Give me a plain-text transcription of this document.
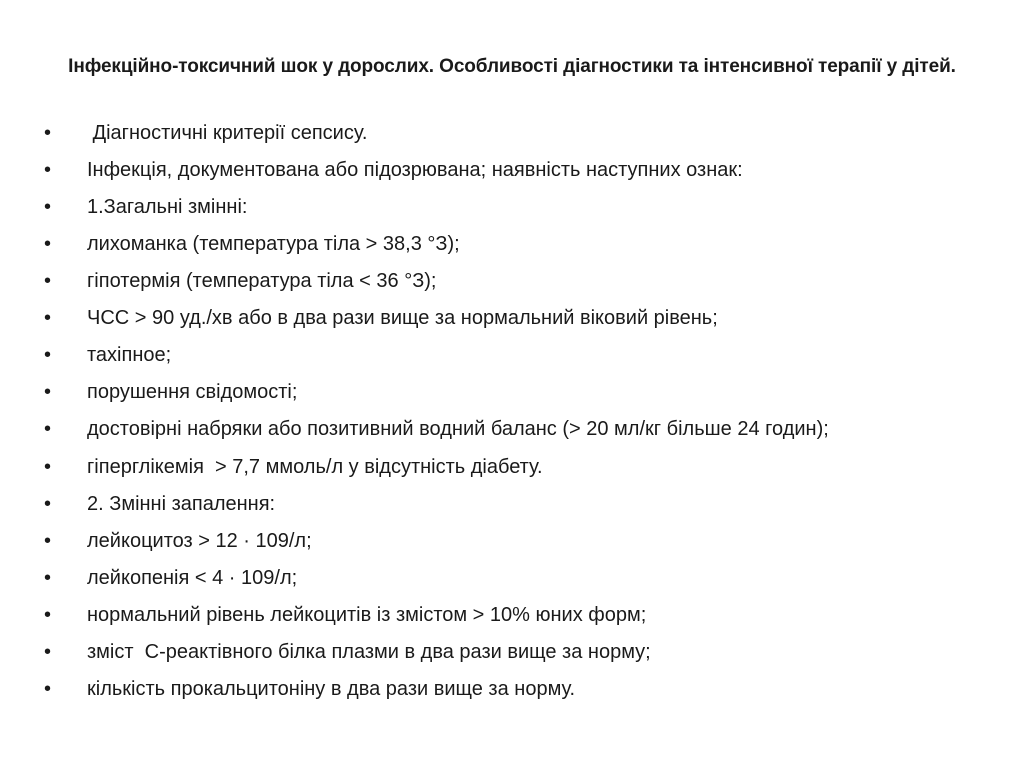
Інфекційно-токсичний шок у дорослих. Особливості діагностики та інтенсивної терапії у дітей.
• Діагностичні критерії сепсису.
• Інфекція, документована або підозрювана; наявність наступних ознак:
• 1.Загальні змінні:
• лихоманка (температура тіла > 38,3 °З);
• гіпотермія (температура тіла < 36 °З);
• ЧСС > 90 уд./хв або в два рази вище за нормальний віковий рівень;
• тахіпное;
• порушення свідомості;
• достовірні набряки або позитивний водний баланс (> 20 мл/кг більше 24 годин);
• гіперглікемія  > 7,7 ммоль/л у відсутність діабету.
• 2. Змінні запалення:
• лейкоцитоз > 12 · 109/л;
• лейкопенія < 4 · 109/л;
• нормальний рівень лейкоцитів із змістом > 10% юних форм;
• зміст  С-реактівного білка плазми в два рази вище за норму;
• кількість прокальцитоніну в два рази вище за норму.
